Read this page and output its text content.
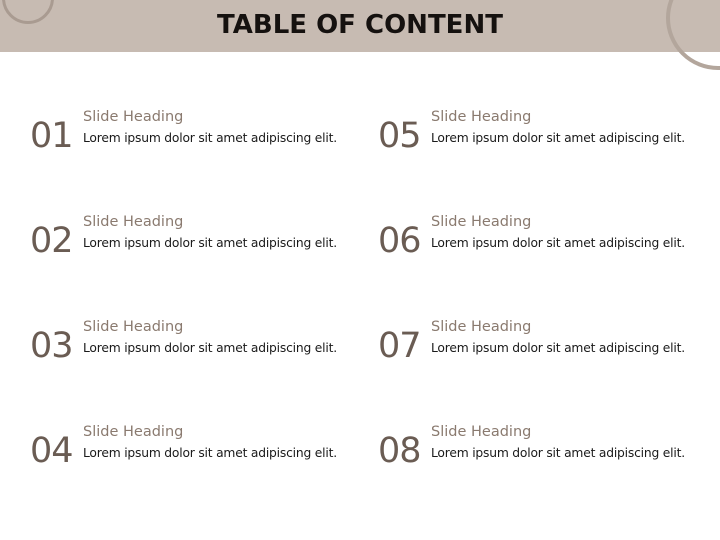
TABLE OF CONTENT
01 Slide Heading
Lorem ipsum dolor sit amet adipiscing elit.
02 Slide Heading
Lorem ipsum dolor sit amet adipiscing elit.
03 Slide Heading
Lorem ipsum dolor sit amet adipiscing elit.
04 Slide Heading
Lorem ipsum dolor sit amet adipiscing elit.
05 Slide Heading
Lorem ipsum dolor sit amet adipiscing elit.
06 Slide Heading
Lorem ipsum dolor sit amet adipiscing elit.
07 Slide Heading
Lorem ipsum dolor sit amet adipiscing elit.
08 Slide Heading
Lorem ipsum dolor sit amet adipiscing elit.
